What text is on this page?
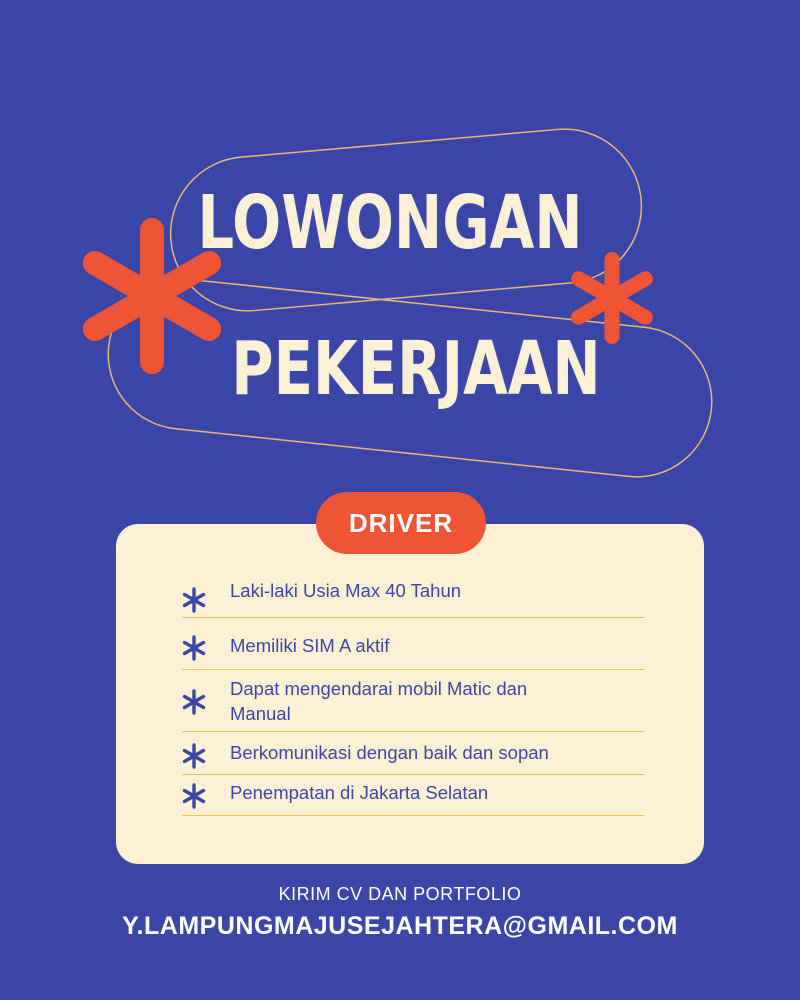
LOWONGAN
PEKERJAAN
DRIVER
Laki-laki Usia Max 40 Tahun
Memiliki SIM A aktif
Dapat mengendarai mobil Matic dan Manual
Berkomunikasi dengan baik dan sopan
Penempatan di Jakarta Selatan
KIRIM CV DAN PORTFOLIO
Y.LAMPUNGMAJUSEJAHTERA@GMAIL.COM
